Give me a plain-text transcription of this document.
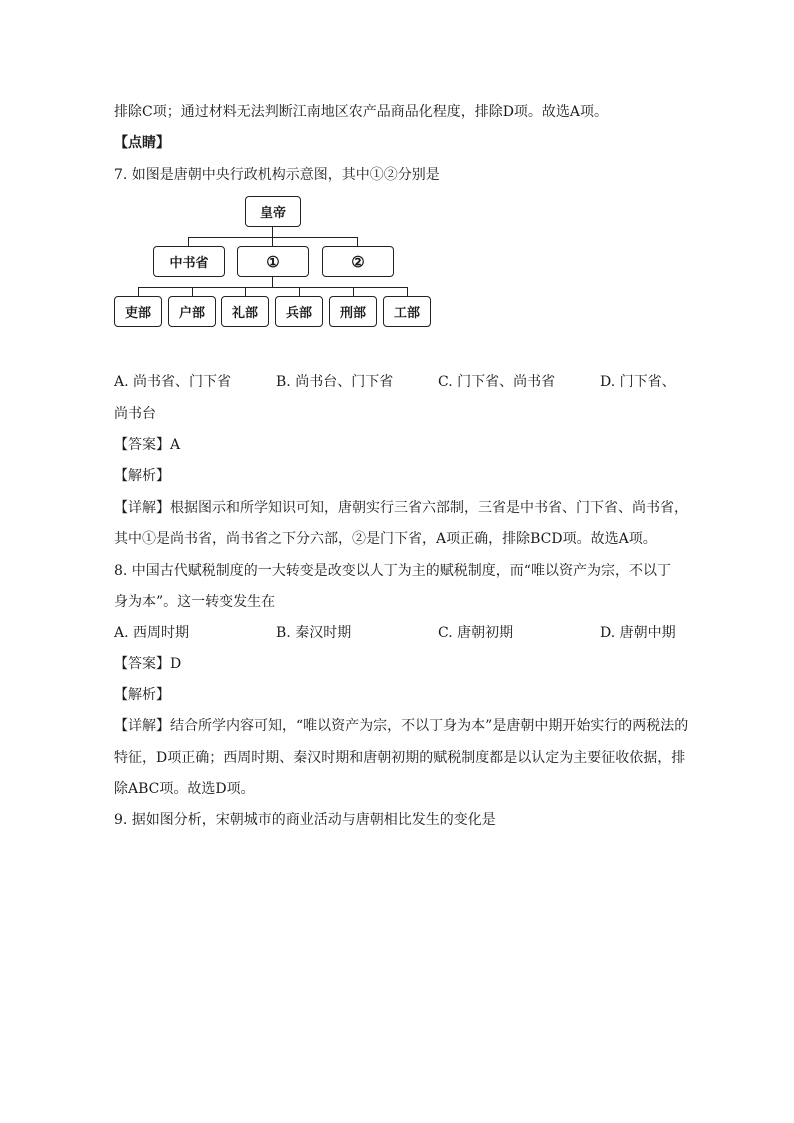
排除C项；通过材料无法判断江南地区农产品商品化程度，排除D项。故选A项。
【点睛】
7. 如图是唐朝中央行政机构示意图，其中①②分别是
皇帝
中书省	①	②
吏部	户部	礼部	兵部	刑部	工部
A. 尚书省、门下省	B. 尚书台、门下省	C. 门下省、尚书省	D. 门下省、
尚书台
【答案】A
【解析】
【详解】根据图示和所学知识可知，唐朝实行三省六部制，三省是中书省、门下省、尚书省，
其中①是尚书省，尚书省之下分六部，②是门下省，A项正确，排除BCD项。故选A项。
8. 中国古代赋税制度的一大转变是改变以人丁为主的赋税制度，而“唯以资产为宗，不以丁
身为本”。这一转变发生在
A. 西周时期	B. 秦汉时期	C. 唐朝初期	D. 唐朝中期
【答案】D
【解析】
【详解】结合所学内容可知，“唯以资产为宗，不以丁身为本”是唐朝中期开始实行的两税法的
特征，D项正确；西周时期、秦汉时期和唐朝初期的赋税制度都是以认定为主要征收依据，排
除ABC项。故选D项。
9. 据如图分析，宋朝城市的商业活动与唐朝相比发生的变化是
